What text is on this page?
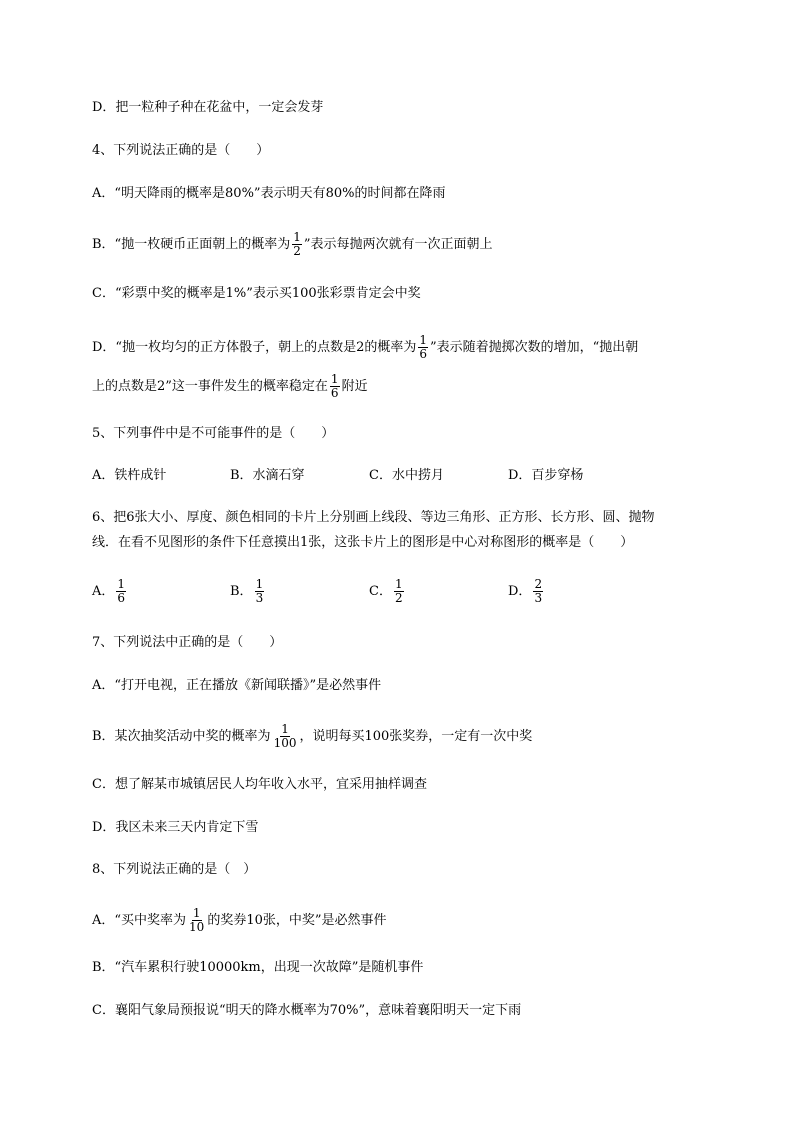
D．把一粒种子种在花盆中，一定会发芽
4、下列说法正确的是（　　）
A．“明天降雨的概率是80%”表示明天有80%的时间都在降雨
B．“抛一枚硬币正面朝上的概率为 $\frac{1}{2}$ ”表示每抛两次就有一次正面朝上
C．“彩票中奖的概率是1%”表示买100张彩票肯定会中奖
D．“抛一枚均匀的正方体骰子，朝上的点数是2的概率为 $\frac{1}{6}$ ”表示随着抛掷次数的增加，“抛出朝
上的点数是2”这一事件发生的概率稳定在 $\frac{1}{6}$ 附近
5、下列事件中是不可能事件的是（　　）
A．铁杵成针	B．水滴石穿	C．水中捞月	D．百步穿杨
6、把6张大小、厚度、颜色相同的卡片上分别画上线段、等边三角形、正方形、长方形、圆、抛物
线．在看不见图形的条件下任意摸出1张，这张卡片上的图形是中心对称图形的概率是（　　）
A． $\frac{1}{6}$	B． $\frac{1}{3}$	C． $\frac{1}{2}$	D． $\frac{2}{3}$
7、下列说法中正确的是（　　）
A．“打开电视，正在播放《新闻联播》”是必然事件
B．某次抽奖活动中奖的概率为 $\frac{1}{100}$ ，说明每买100张奖券，一定有一次中奖
C．想了解某市城镇居民人均年收入水平，宜采用抽样调查
D．我区未来三天内肯定下雪
8、下列说法正确的是（　）
A．“买中奖率为 $\frac{1}{10}$ 的奖券10张，中奖”是必然事件
B．“汽车累积行驶10000km，出现一次故障”是随机事件
C．襄阳气象局预报说“明天的降水概率为70%”，意味着襄阳明天一定下雨
